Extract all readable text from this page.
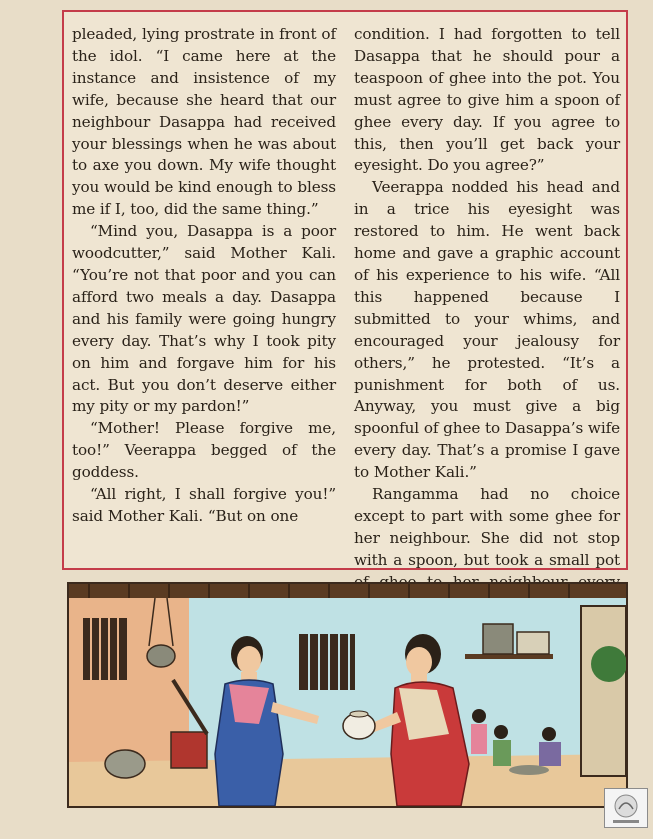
pleaded, lying prostrate in front of the idol. “I came here at the instance and insistence of my wife, because she heard that our neighbour Dasappa had received your blessings when he was about to axe you down. My wife thought you would be kind enough to bless me if I, too, did the same thing.”

“Mind you, Dasappa is a poor woodcutter,” said Mother Kali. “You’re not that poor and you can afford two meals a day. Dasappa and his family were going hungry every day. That’s why I took pity on him and forgave him for his act. But you don’t deserve either my pity or my pardon!”

“Mother! Please forgive me, too!” Veerappa begged of the goddess.

“All right, I shall forgive you!” said Mother Kali. “But on one

condition. I had forgotten to tell Dasappa that he should pour a teaspoon of ghee into the pot. You must agree to give him a spoon of ghee every day. If you agree to this, then you’ll get back your eyesight. Do you agree?”

Veerappa nodded his head and in a trice his eyesight was restored to him. He went back home and gave a graphic account of his experience to his wife. “All this happened because I submitted to your whims, and encouraged your jealousy for others,” he protested. “It’s a punishment for both of us. Anyway, you must give a big spoonful of ghee to Dasappa’s wife every day. That’s a promise I gave to Mother Kali.”

Rangamma had no choice except to part with some ghee for her neighbour. She did not stop with a spoon, but took a small pot
